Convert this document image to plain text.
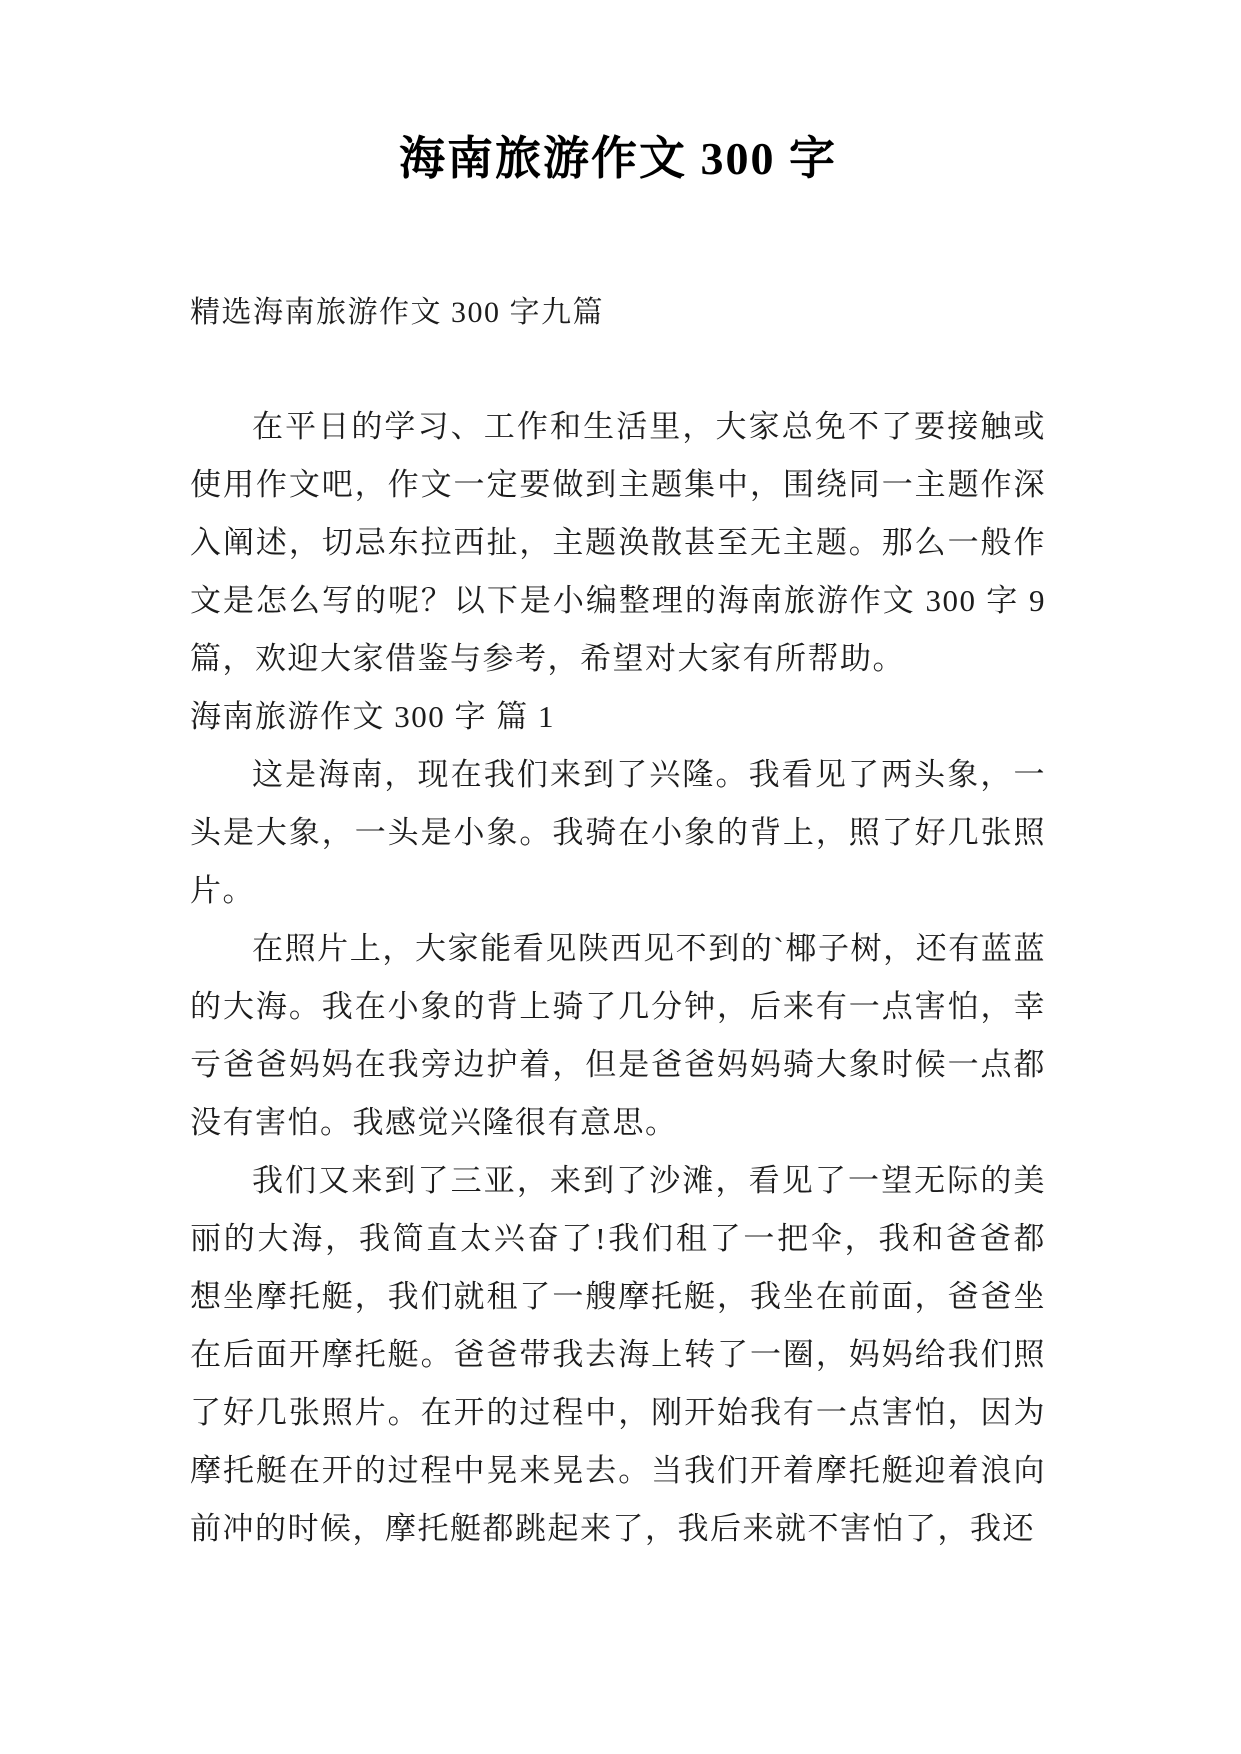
海南旅游作文 300 字

精选海南旅游作文 300 字九篇

在平日的学习、工作和生活里，大家总免不了要接触或使用作文吧，作文一定要做到主题集中，围绕同一主题作深入阐述，切忌东拉西扯，主题涣散甚至无主题。那么一般作文是怎么写的呢？以下是小编整理的海南旅游作文 300 字 9 篇，欢迎大家借鉴与参考，希望对大家有所帮助。

海南旅游作文 300 字 篇 1

这是海南，现在我们来到了兴隆。我看见了两头象，一头是大象，一头是小象。我骑在小象的背上，照了好几张照片。

在照片上，大家能看见陕西见不到的`椰子树，还有蓝蓝的大海。我在小象的背上骑了几分钟，后来有一点害怕，幸亏爸爸妈妈在我旁边护着，但是爸爸妈妈骑大象时候一点都没有害怕。我感觉兴隆很有意思。

我们又来到了三亚，来到了沙滩，看见了一望无际的美丽的大海，我简直太兴奋了!我们租了一把伞，我和爸爸都想坐摩托艇，我们就租了一艘摩托艇，我坐在前面，爸爸坐在后面开摩托艇。爸爸带我去海上转了一圈，妈妈给我们照了好几张照片。在开的过程中，刚开始我有一点害怕，因为摩托艇在开的过程中晃来晃去。当我们开着摩托艇迎着浪向前冲的时候，摩托艇都跳起来了，我后来就不害怕了，我还
